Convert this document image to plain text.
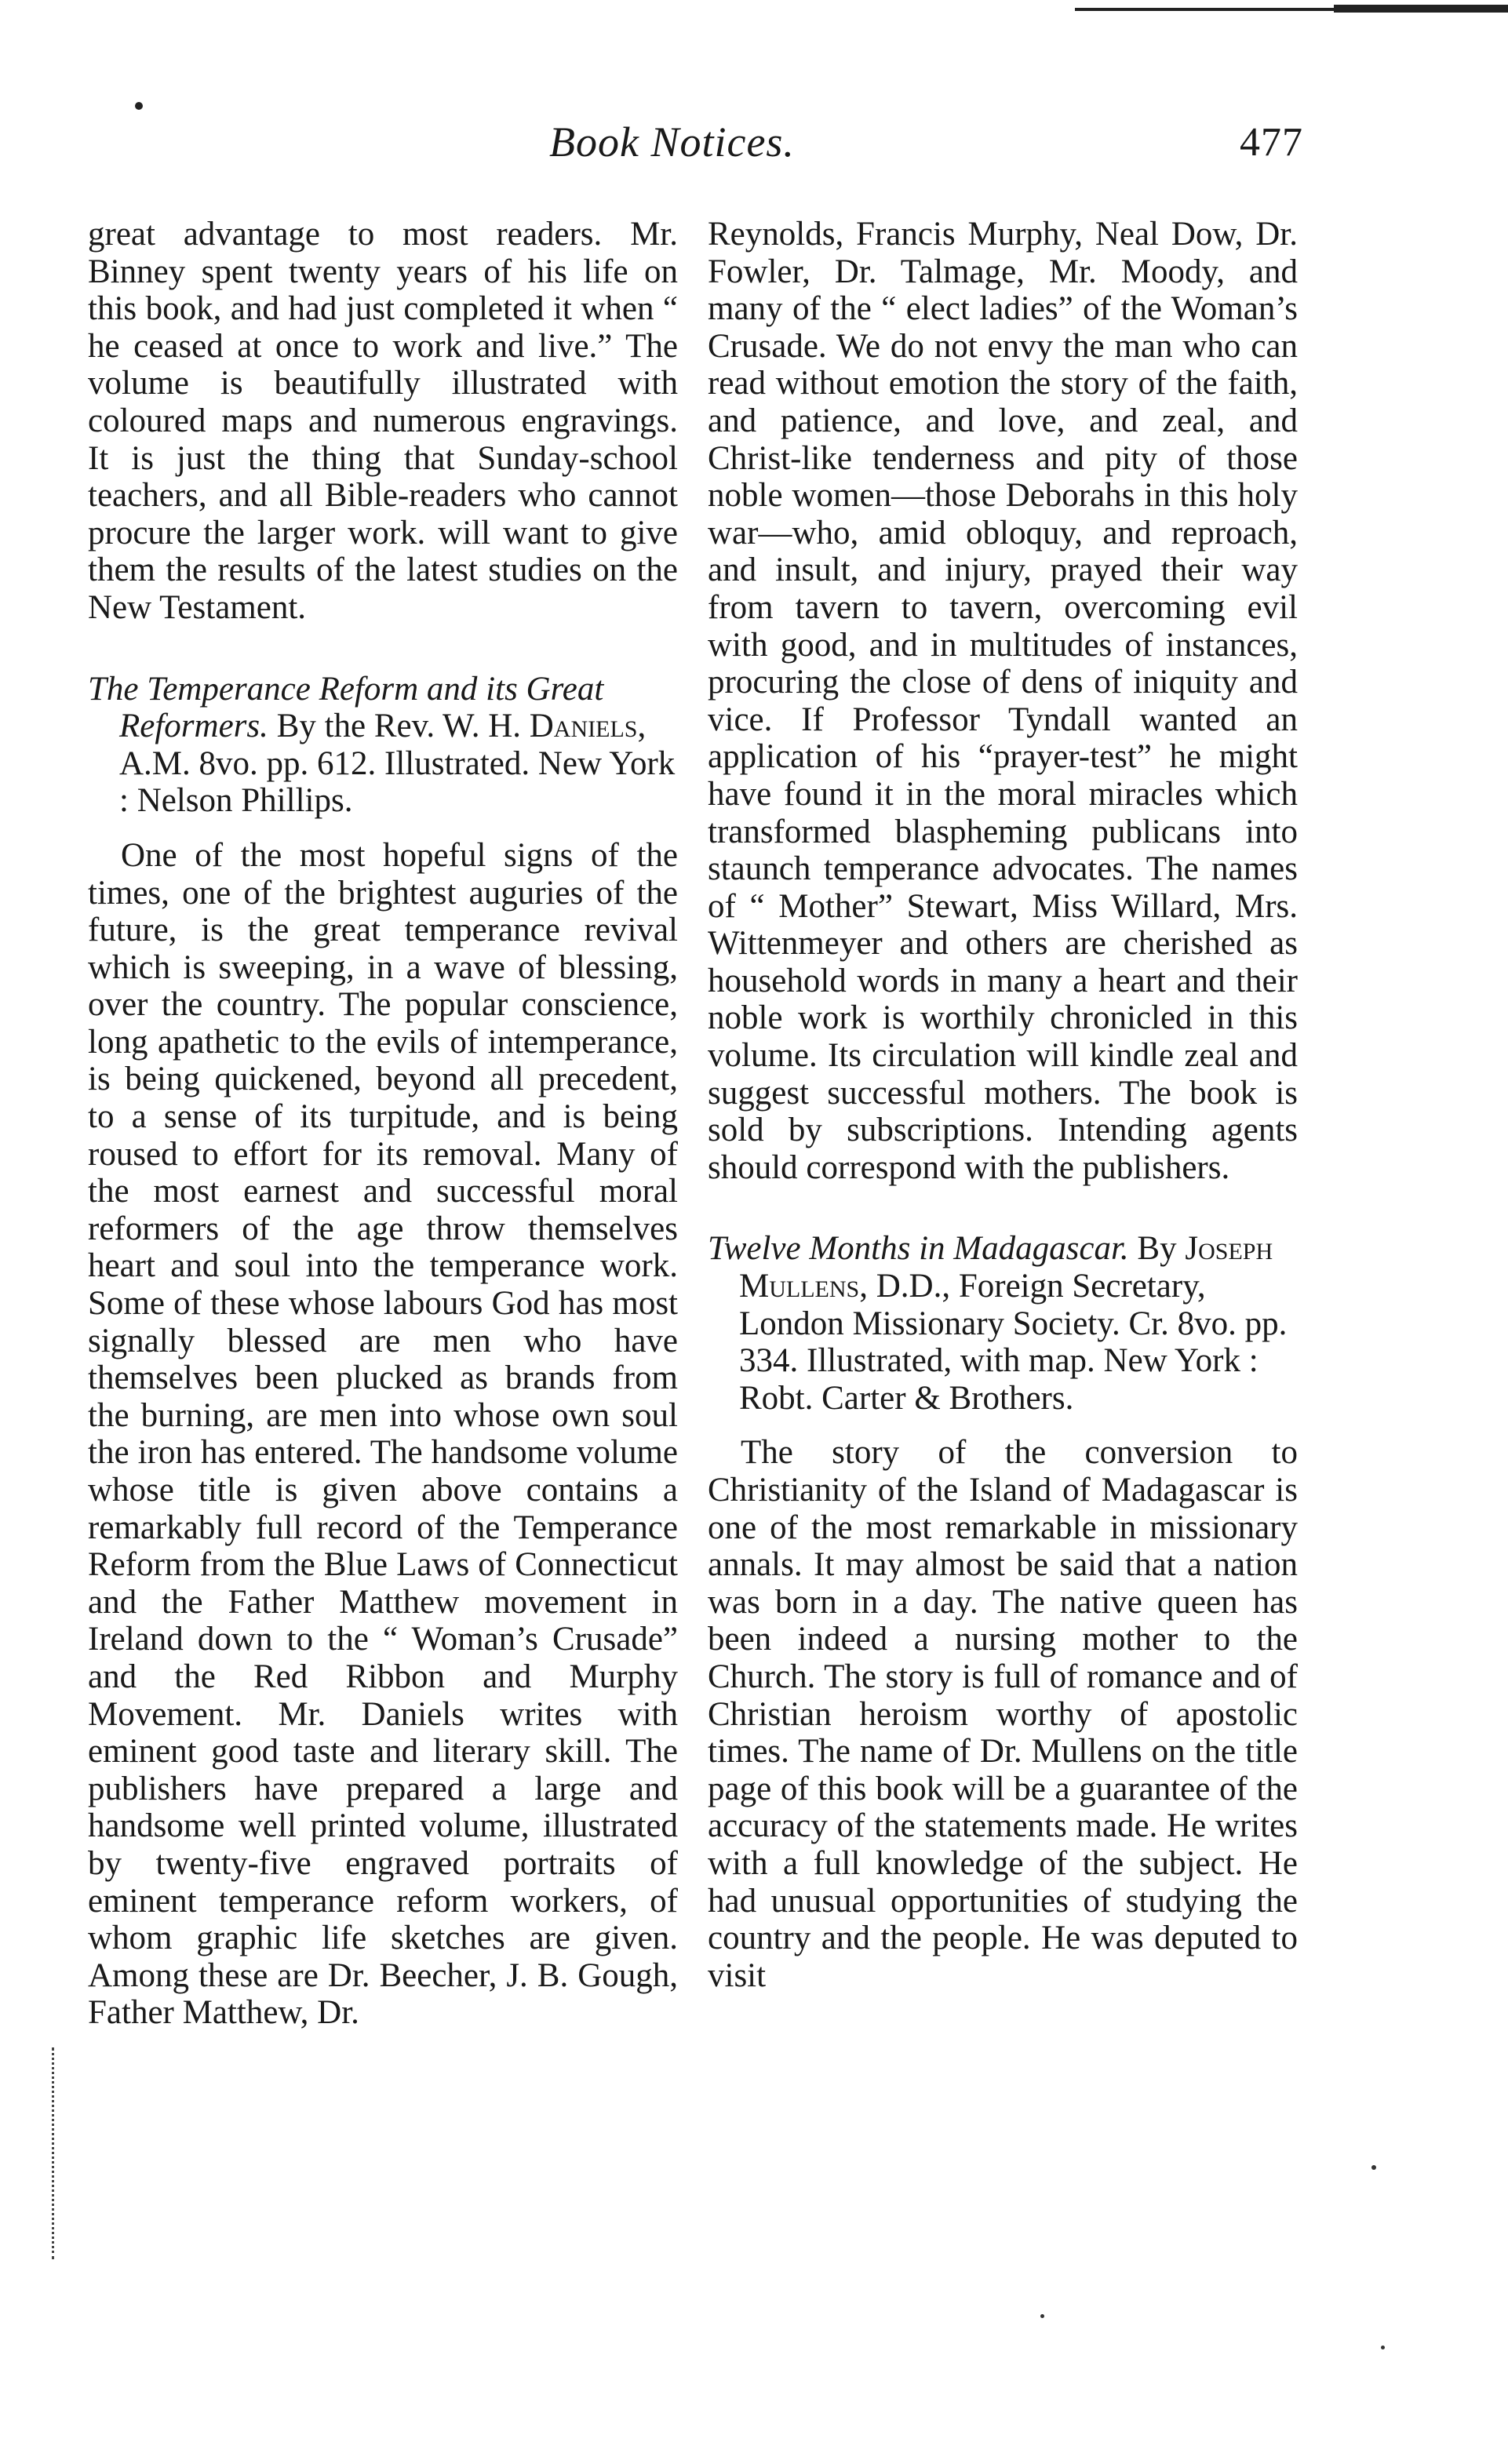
Book Notices.	477

great advantage to most readers. Mr. Binney spent twenty years of his life on this book, and had just completed it when “ he ceased at once to work and live.” The volume is beautifully illustrated with coloured maps and numerous engravings. It is just the thing that Sunday-school teachers, and all Bible-readers who cannot procure the larger work. will want to give them the results of the latest studies on the New Testament.

The Temperance Reform and its Great Reformers. By the Rev. W. H. Daniels, A.M. 8vo. pp. 612. Illustrated. New York : Nelson Phillips.

One of the most hopeful signs of the times, one of the brightest auguries of the future, is the great temperance revival which is sweeping, in a wave of blessing, over the country. The popular conscience, long apathetic to the evils of intemperance, is being quickened, beyond all precedent, to a sense of its turpitude, and is being roused to effort for its removal. Many of the most earnest and successful moral reformers of the age throw themselves heart and soul into the temperance work. Some of these whose labours God has most signally blessed are men who have themselves been plucked as brands from the burning, are men into whose own soul the iron has entered. The handsome volume whose title is given above contains a remarkably full record of the Temperance Reform from the Blue Laws of Connecticut and the Father Matthew movement in Ireland down to the “ Woman’s Crusade” and the Red Ribbon and Murphy Movement. Mr. Daniels writes with eminent good taste and literary skill. The publishers have prepared a large and handsome well printed volume, illustrated by twenty-five engraved portraits of eminent temperance reform workers, of whom graphic life sketches are given. Among these are Dr. Beecher, J. B. Gough, Father Matthew, Dr.

Reynolds, Francis Murphy, Neal Dow, Dr. Fowler, Dr. Talmage, Mr. Moody, and many of the “ elect ladies” of the Woman’s Crusade. We do not envy the man who can read without emotion the story of the faith, and patience, and love, and zeal, and Christ-like tenderness and pity of those noble women—those Deborahs in this holy war—who, amid obloquy, and reproach, and insult, and injury, prayed their way from tavern to tavern, overcoming evil with good, and in multitudes of instances, procuring the close of dens of iniquity and vice. If Professor Tyndall wanted an application of his “prayer-test” he might have found it in the moral miracles which transformed blaspheming publicans into staunch temperance advocates. The names of “ Mother” Stewart, Miss Willard, Mrs. Wittenmeyer and others are cherished as household words in many a heart and their noble work is worthily chronicled in this volume. Its circulation will kindle zeal and suggest successful mothers. The book is sold by subscriptions. Intending agents should correspond with the publishers.

Twelve Months in Madagascar. By Joseph Mullens, D.D., Foreign Secretary, London Missionary Society. Cr. 8vo. pp. 334. Illustrated, with map. New York : Robt. Carter & Brothers.

The story of the conversion to Christianity of the Island of Madagascar is one of the most remarkable in missionary annals. It may almost be said that a nation was born in a day. The native queen has been indeed a nursing mother to the Church. The story is full of romance and of Christian heroism worthy of apostolic times. The name of Dr. Mullens on the title page of this book will be a guarantee of the accuracy of the statements made. He writes with a full knowledge of the subject. He had unusual opportunities of studying the country and the people. He was deputed to visit
